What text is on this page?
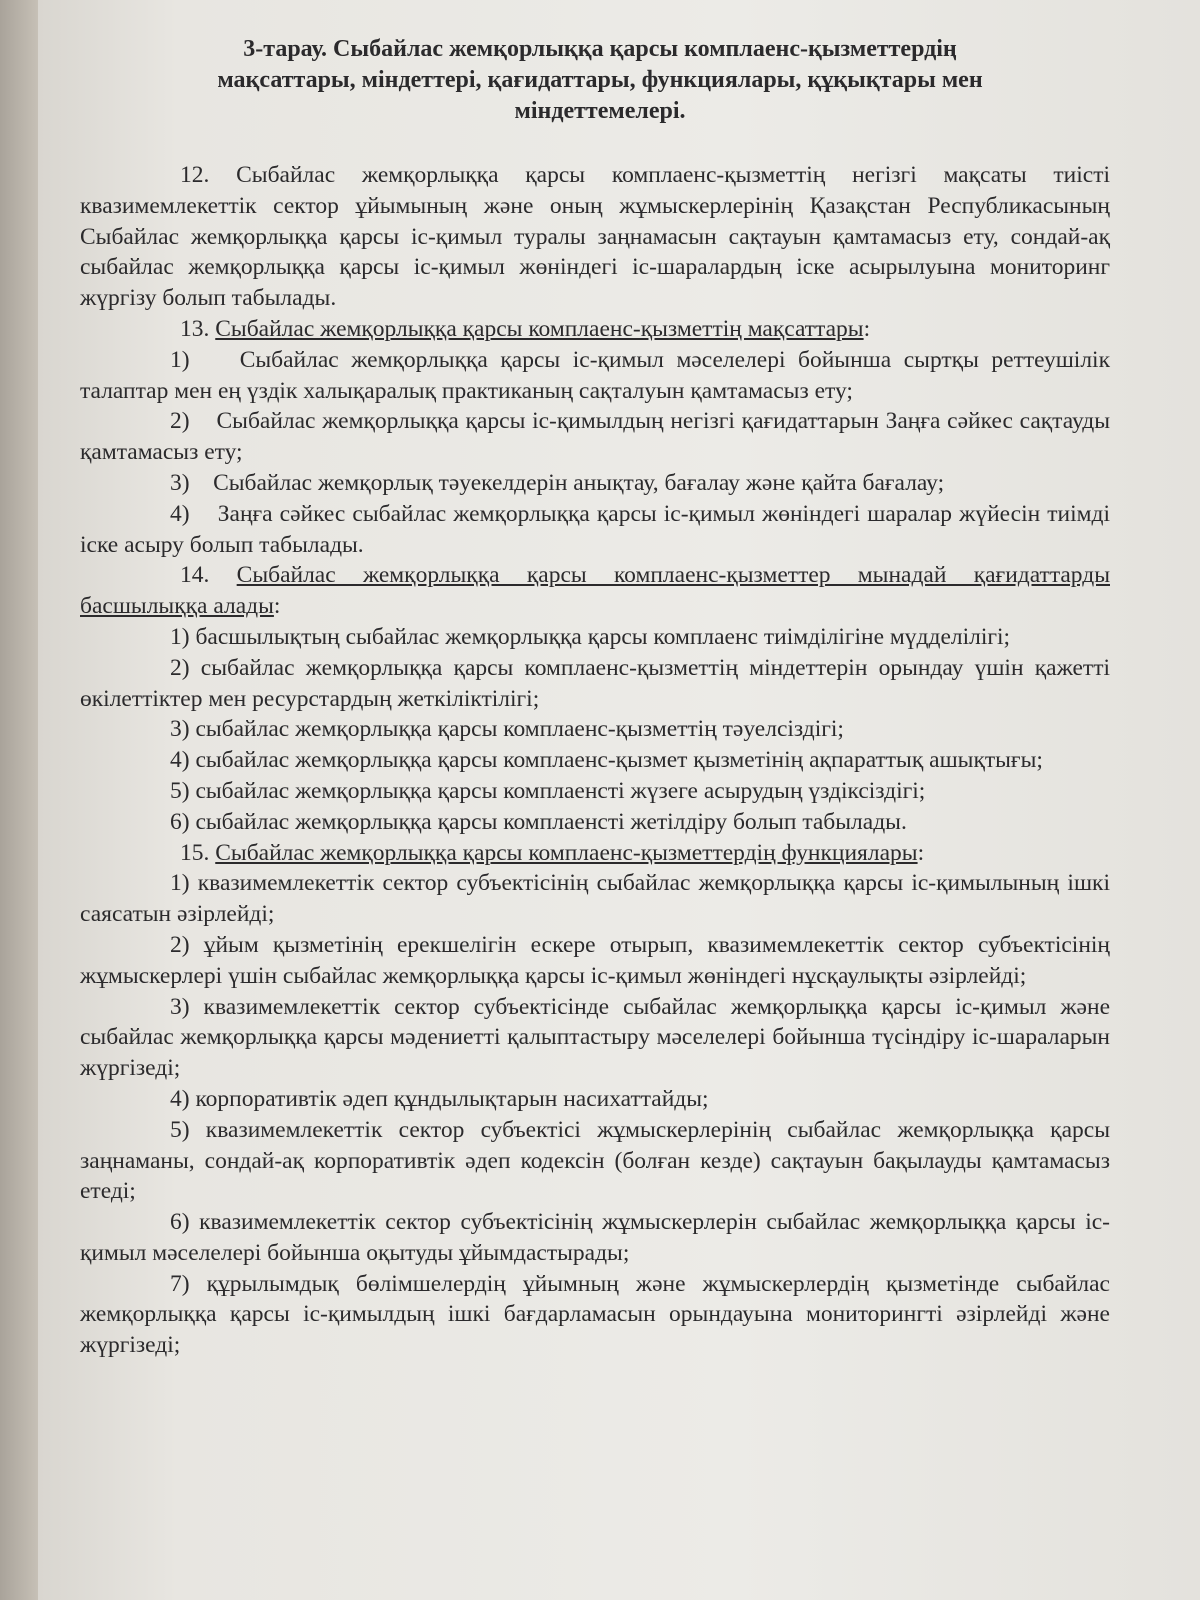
3-тарау. Сыбайлас жемқорлыққа қарсы комплаенс-қызметтердің
мақсаттары, міндеттері, қағидаттары, функциялары, құқықтары мен
міндеттемелері.

12. Сыбайлас жемқорлыққа қарсы комплаенс-қызметтің негізгі мақсаты тиісті квазимемлекеттік сектор ұйымының және оның жұмыскерлерінің Қазақстан Республикасының Сыбайлас жемқорлыққа қарсы іс-қимыл туралы заңнамасын сақтауын қамтамасыз ету, сондай-ақ сыбайлас жемқорлыққа қарсы іс-қимыл жөніндегі іс-шаралардың іске асырылуына мониторинг жүргізу болып табылады.

13. Сыбайлас жемқорлыққа қарсы комплаенс-қызметтің мақсаттары:

1)    Сыбайлас жемқорлыққа қарсы іс-қимыл мәселелері бойынша сыртқы реттеушілік талаптар мен ең үздік халықаралық практиканың сақталуын қамтамасыз ету;

2)    Сыбайлас жемқорлыққа қарсы іс-қимылдың негізгі қағидаттарын Заңға сәйкес сақтауды қамтамасыз ету;

3)    Сыбайлас жемқорлық тәуекелдерін анықтау, бағалау және қайта бағалау;

4)    Заңға сәйкес сыбайлас жемқорлыққа қарсы іс-қимыл жөніндегі шаралар жүйесін тиімді іске асыру болып табылады.

14. Сыбайлас жемқорлыққа қарсы комплаенс-қызметтер мынадай қағидаттарды басшылыққа алады:

1) басшылықтың сыбайлас жемқорлыққа қарсы комплаенс тиімділігіне мүдделілігі;

2) сыбайлас жемқорлыққа қарсы комплаенс-қызметтің міндеттерін орындау үшін қажетті өкілеттіктер мен ресурстардың жеткіліктілігі;

3) сыбайлас жемқорлыққа қарсы комплаенс-қызметтің тәуелсіздігі;

4) сыбайлас жемқорлыққа қарсы комплаенс-қызмет қызметінің ақпараттық ашықтығы;

5) сыбайлас жемқорлыққа қарсы комплаенсті жүзеге асырудың үздіксіздігі;

6) сыбайлас жемқорлыққа қарсы комплаенсті жетілдіру болып табылады.

15. Сыбайлас жемқорлыққа қарсы комплаенс-қызметтердің функциялары:

1) квазимемлекеттік сектор субъектісінің сыбайлас жемқорлыққа қарсы іс-қимылының ішкі саясатын әзірлейді;

2) ұйым қызметінің ерекшелігін ескере отырып, квазимемлекеттік сектор субъектісінің жұмыскерлері үшін сыбайлас жемқорлыққа қарсы іс-қимыл жөніндегі нұсқаулықты әзірлейді;

3) квазимемлекеттік сектор субъектісінде сыбайлас жемқорлыққа қарсы іс-қимыл және сыбайлас жемқорлыққа қарсы мәдениетті қалыптастыру мәселелері бойынша түсіндіру іс-шараларын жүргізеді;

4) корпоративтік әдеп құндылықтарын насихаттайды;

5) квазимемлекеттік сектор субъектісі жұмыскерлерінің сыбайлас жемқорлыққа қарсы заңнаманы, сондай-ақ корпоративтік әдеп кодексін (болған кезде) сақтауын бақылауды қамтамасыз етеді;

6) квазимемлекеттік сектор субъектісінің жұмыскерлерін сыбайлас жемқорлыққа қарсы іс-қимыл мәселелері бойынша оқытуды ұйымдастырады;

7) құрылымдық бөлімшелердің ұйымның және жұмыскерлердің қызметінде сыбайлас жемқорлыққа қарсы іс-қимылдың ішкі бағдарламасын орындауына мониторингті әзірлейді және жүргізеді;
